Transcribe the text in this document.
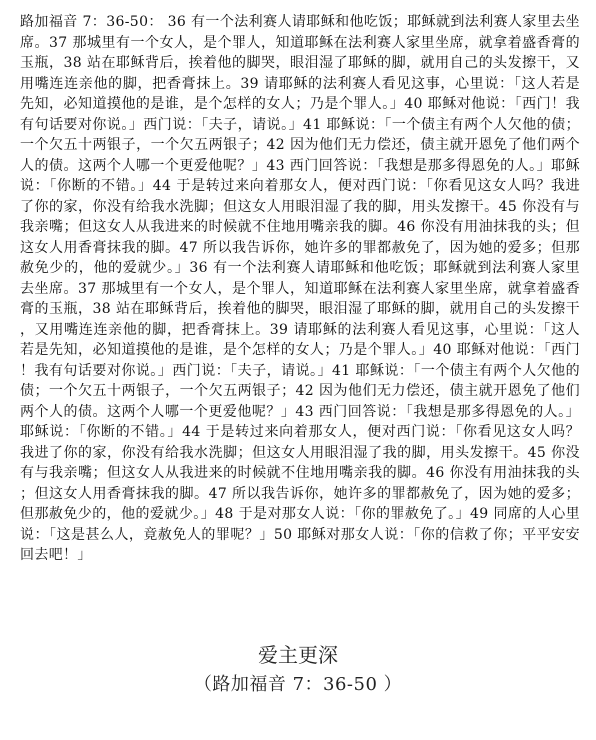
路加福音 7：36-50： 36 有一个法利赛人请耶稣和他吃饭；耶稣就到法利赛人家里去坐席。37 那城里有一个女人，是个罪人，知道耶稣在法利赛人家里坐席，就拿着盛香膏的玉瓶，38 站在耶稣背后，挨着他的脚哭，眼泪湿了耶稣的脚，就用自己的头发擦干，又用嘴连连亲他的脚，把香膏抹上。39 请耶稣的法利赛人看见这事，心里说：「这人若是先知，必知道摸他的是谁，是个怎样的女人；乃是个罪人。」40 耶稣对他说：「西门！我有句话要对你说。」西门说：「夫子，请说。」41 耶稣说：「一个债主有两个人欠他的债；一个欠五十两银子，一个欠五两银子；42 因为他们无力偿还，债主就开恩免了他们两个人的债。这两个人哪一个更爱他呢？」43 西门回答说：「我想是那多得恩免的人。」耶稣说：「你断的不错。」44 于是转过来向着那女人，便对西门说：「你看见这女人吗？我进了你的家，你没有给我水洗脚；但这女人用眼泪湿了我的脚，用头发擦干。45 你没有与我亲嘴；但这女人从我进来的时候就不住地用嘴亲我的脚。46 你没有用油抹我的头；但这女人用香膏抹我的脚。47 所以我告诉你，她许多的罪都赦免了，因为她的爱多；但那赦免少的，他的爱就少。」36 有一个法利赛人请耶稣和他吃饭；耶稣就到法利赛人家里去坐席。37 那城里有一个女人，是个罪人，知道耶稣在法利赛人家里坐席，就拿着盛香膏的玉瓶，38 站在耶稣背后，挨着他的脚哭，眼泪湿了耶稣的脚，就用自己的头发擦干，又用嘴连连亲他的脚，把香膏抹上。39 请耶稣的法利赛人看见这事，心里说：「这人若是先知，必知道摸他的是谁，是个怎样的女人；乃是个罪人。」40 耶稣对他说：「西门！我有句话要对你说。」西门说：「夫子，请说。」41 耶稣说：「一个债主有两个人欠他的债；一个欠五十两银子，一个欠五两银子；42 因为他们无力偿还，债主就开恩免了他们两个人的债。这两个人哪一个更爱他呢？」43 西门回答说：「我想是那多得恩免的人。」耶稣说：「你断的不错。」44 于是转过来向着那女人，便对西门说：「你看见这女人吗？我进了你的家，你没有给我水洗脚；但这女人用眼泪湿了我的脚，用头发擦干。45 你没有与我亲嘴；但这女人从我进来的时候就不住地用嘴亲我的脚。46 你没有用油抹我的头；但这女人用香膏抹我的脚。47 所以我告诉你，她许多的罪都赦免了，因为她的爱多；但那赦免少的，他的爱就少。」48 于是对那女人说：「你的罪赦免了。」49 同席的人心里说：「这是甚么人，竟赦免人的罪呢？」50 耶稣对那女人说：「你的信救了你；平平安安回去吧！」

爱主更深

（路加福音 7：36-50 ）
